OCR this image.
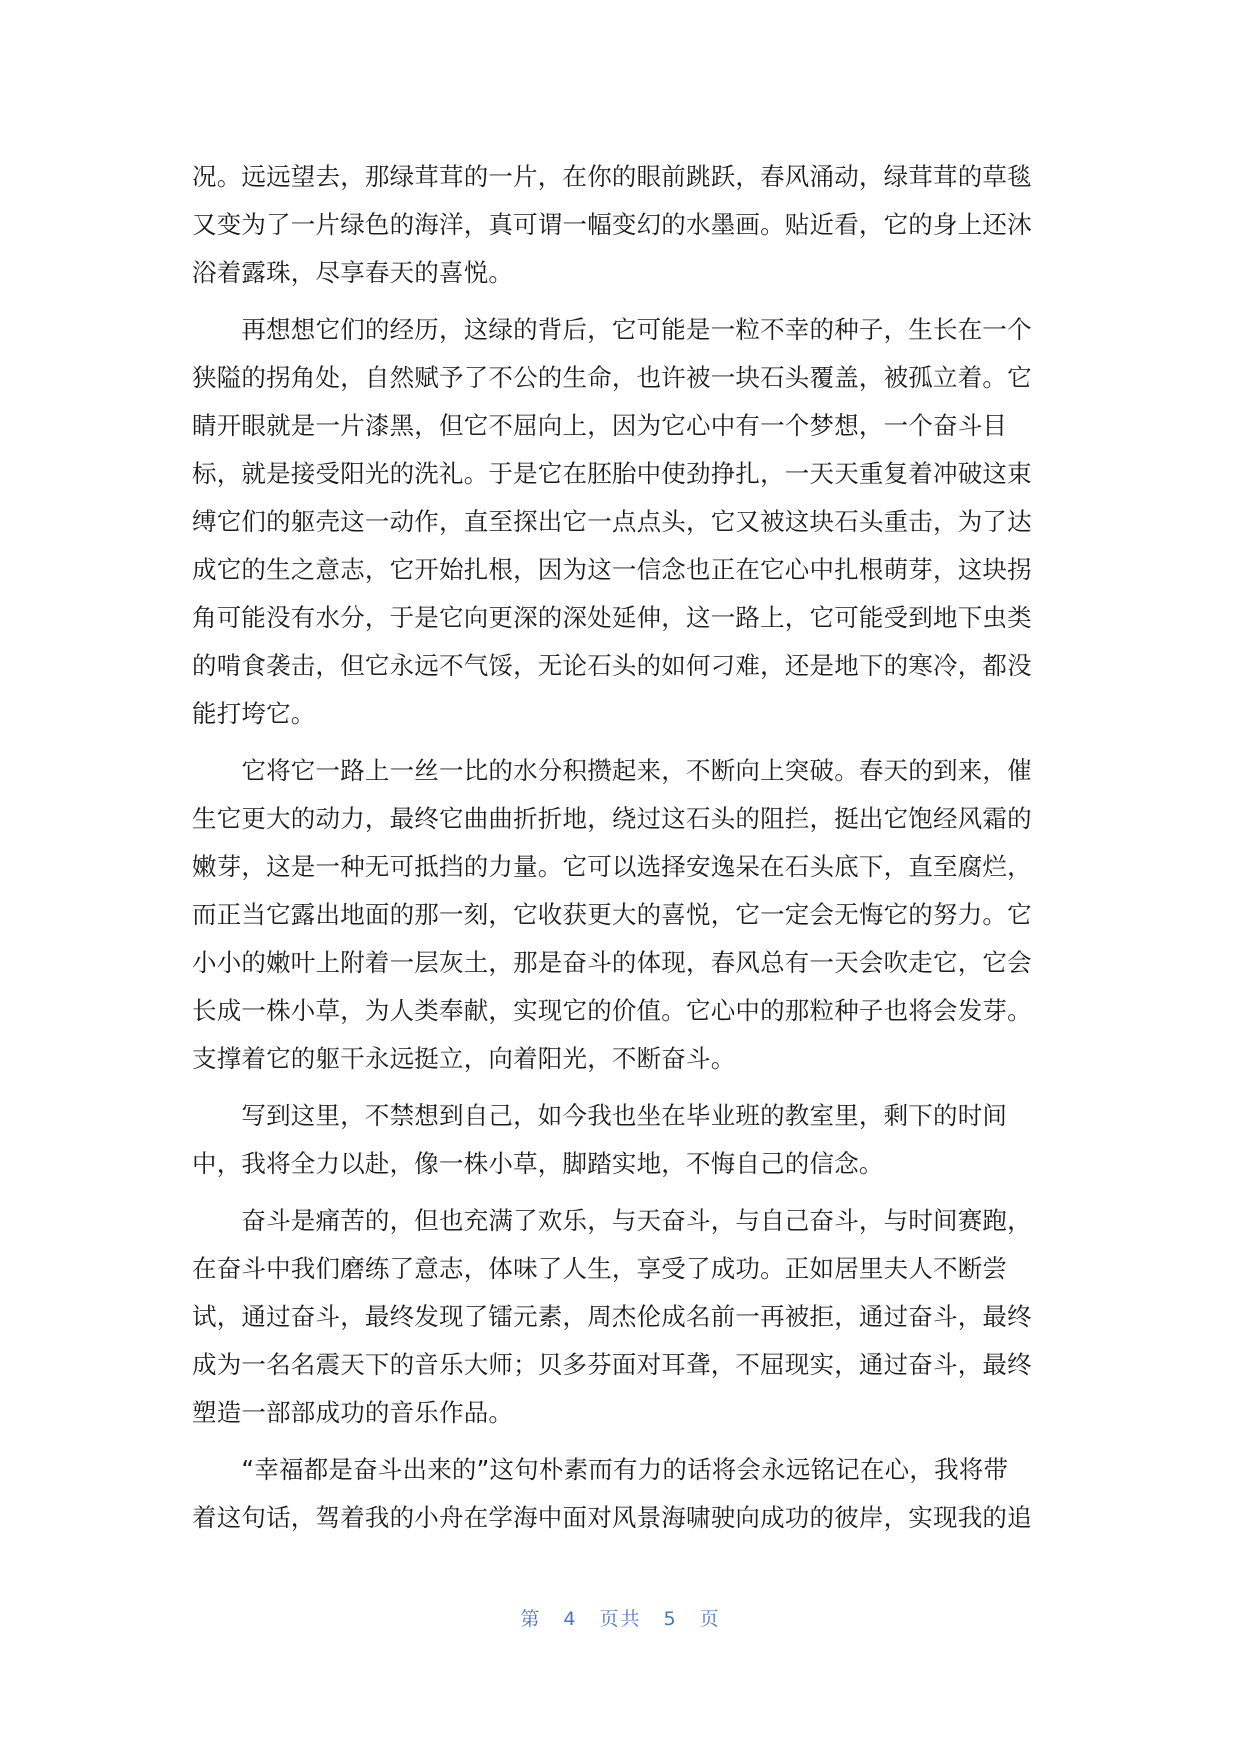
况。远远望去，那绿茸茸的一片，在你的眼前跳跃，春风涌动，绿茸茸的草毯
又变为了一片绿色的海洋，真可谓一幅变幻的水墨画。贴近看，它的身上还沐
浴着露珠，尽享春天的喜悦。
　　再想想它们的经历，这绿的背后，它可能是一粒不幸的种子，生长在一个
狭隘的拐角处，自然赋予了不公的生命，也许被一块石头覆盖，被孤立着。它
睛开眼就是一片漆黑，但它不屈向上，因为它心中有一个梦想，一个奋斗目
标，就是接受阳光的洗礼。于是它在胚胎中使劲挣扎，一天天重复着冲破这束
缚它们的躯壳这一动作，直至探出它一点点头，它又被这块石头重击，为了达
成它的生之意志，它开始扎根，因为这一信念也正在它心中扎根萌芽，这块拐
角可能没有水分，于是它向更深的深处延伸，这一路上，它可能受到地下虫类
的啃食袭击，但它永远不气馁，无论石头的如何刁难，还是地下的寒冷，都没
能打垮它。
　　它将它一路上一丝一比的水分积攒起来，不断向上突破。春天的到来，催
生它更大的动力，最终它曲曲折折地，绕过这石头的阻拦，挺出它饱经风霜的
嫩芽，这是一种无可抵挡的力量。它可以选择安逸呆在石头底下，直至腐烂，
而正当它露出地面的那一刻，它收获更大的喜悦，它一定会无悔它的努力。它
小小的嫩叶上附着一层灰土，那是奋斗的体现，春风总有一天会吹走它，它会
长成一株小草，为人类奉献，实现它的价值。它心中的那粒种子也将会发芽。
支撑着它的躯干永远挺立，向着阳光，不断奋斗。
　　写到这里，不禁想到自己，如今我也坐在毕业班的教室里，剩下的时间
中，我将全力以赴，像一株小草，脚踏实地，不悔自己的信念。
　　奋斗是痛苦的，但也充满了欢乐，与天奋斗，与自己奋斗，与时间赛跑，
在奋斗中我们磨练了意志，体味了人生，享受了成功。正如居里夫人不断尝
试，通过奋斗，最终发现了镭元素，周杰伦成名前一再被拒，通过奋斗，最终
成为一名名震天下的音乐大师；贝多芬面对耳聋，不屈现实，通过奋斗，最终
塑造一部部成功的音乐作品。
　　“幸福都是奋斗出来的”这句朴素而有力的话将会永远铭记在心，我将带
着这句话，驾着我的小舟在学海中面对风景海啸驶向成功的彼岸，实现我的追
第 4 页共 5 页
